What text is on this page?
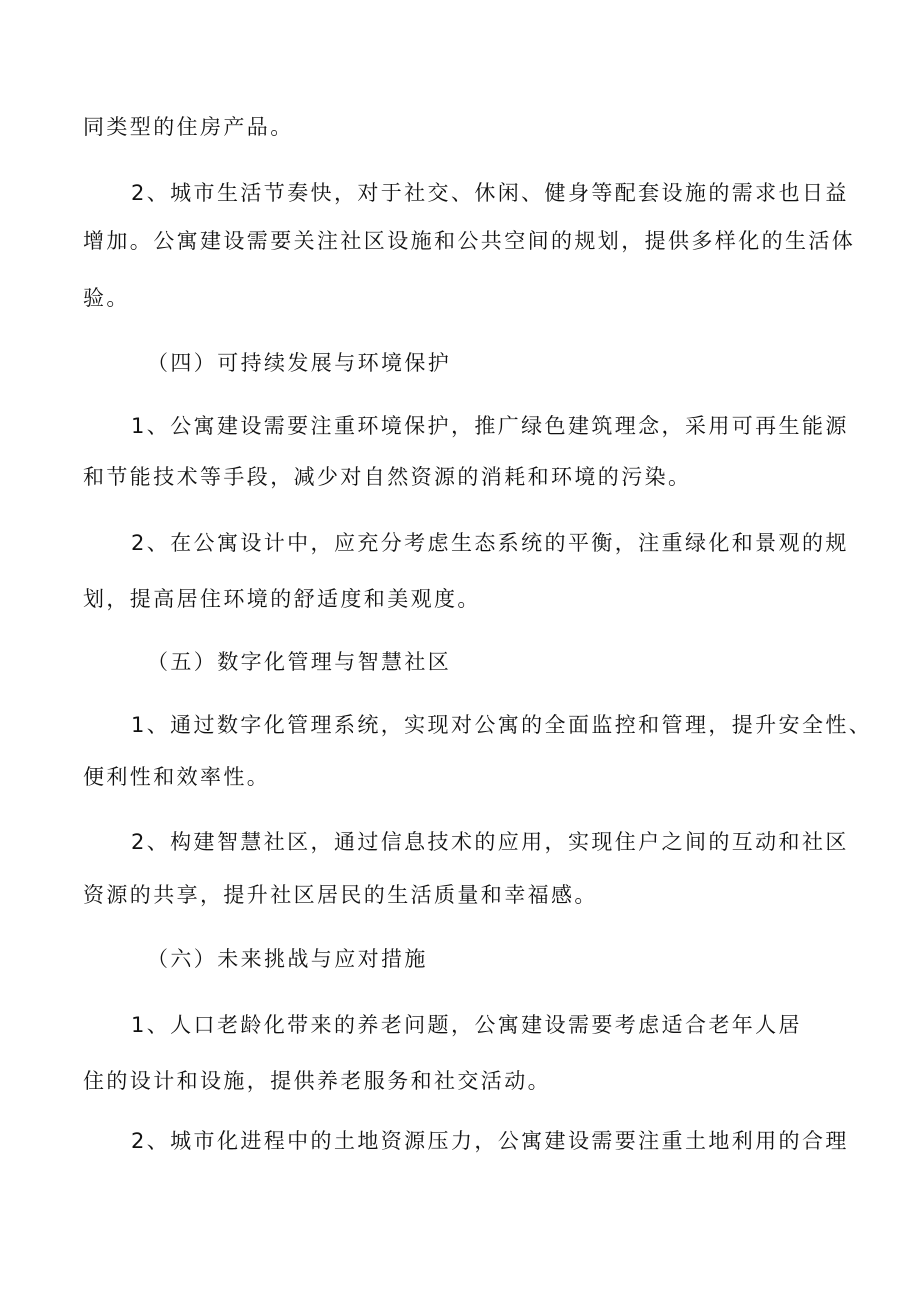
同类型的住房产品。
2、城市生活节奏快，对于社交、休闲、健身等配套设施的需求也日益
增加。公寓建设需要关注社区设施和公共空间的规划，提供多样化的生活体
验。
（四）可持续发展与环境保护
1、公寓建设需要注重环境保护，推广绿色建筑理念，采用可再生能源
和节能技术等手段，减少对自然资源的消耗和环境的污染。
2、在公寓设计中，应充分考虑生态系统的平衡，注重绿化和景观的规
划，提高居住环境的舒适度和美观度。
（五）数字化管理与智慧社区
1、通过数字化管理系统，实现对公寓的全面监控和管理，提升安全性、
便利性和效率性。
2、构建智慧社区，通过信息技术的应用，实现住户之间的互动和社区
资源的共享，提升社区居民的生活质量和幸福感。
（六）未来挑战与应对措施
1、人口老龄化带来的养老问题，公寓建设需要考虑适合老年人居
住的设计和设施，提供养老服务和社交活动。
2、城市化进程中的土地资源压力，公寓建设需要注重土地利用的合理
